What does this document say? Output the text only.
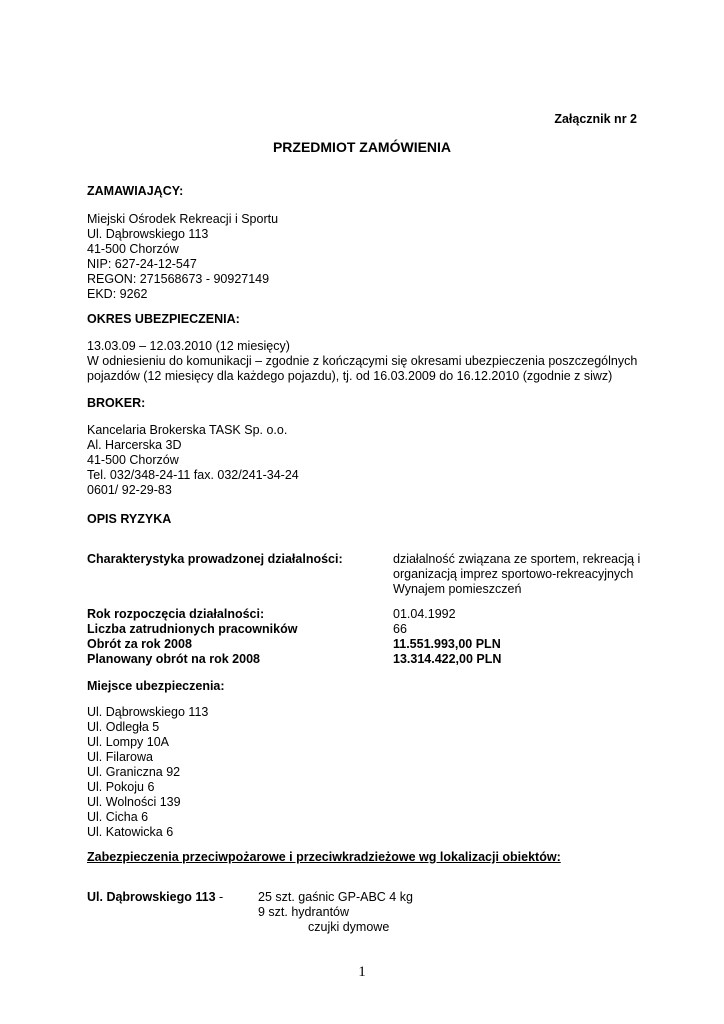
Załącznik nr 2
PRZEDMIOT ZAMÓWIENIA
ZAMAWIAJĄCY:
Miejski Ośrodek Rekreacji i Sportu
Ul. Dąbrowskiego 113
41-500 Chorzów
NIP: 627-24-12-547
REGON: 271568673 - 90927149
EKD: 9262
OKRES UBEZPIECZENIA:
13.03.09 – 12.03.2010 (12 miesięcy)
W odniesieniu do komunikacji – zgodnie z kończącymi się okresami ubezpieczenia poszczególnych
pojazdów (12 miesięcy dla każdego pojazdu), tj. od 16.03.2009 do 16.12.2010 (zgodnie z siwz)
BROKER:
Kancelaria Brokerska TASK Sp. o.o.
Al. Harcerska 3D
41-500 Chorzów
Tel. 032/348-24-11 fax. 032/241-34-24
0601/ 92-29-83
OPIS RYZYKA
Charakterystyka prowadzonej działalności:	działalność związana ze sportem, rekreacją i
organizacją imprez sportowo-rekreacyjnych
Wynajem pomieszczeń
Rok rozpoczęcia działalności:
Liczba zatrudnionych pracowników
Obrót za rok 2008
Planowany obrót na rok 2008
01.04.1992
66
11.551.993,00 PLN
13.314.422,00 PLN
Miejsce ubezpieczenia:
Ul. Dąbrowskiego 113
Ul. Odległa 5
Ul. Lompy 10A
Ul. Filarowa
Ul. Graniczna 92
Ul. Pokoju 6
Ul. Wolności 139
Ul. Cicha 6
Ul. Katowicka 6
Zabezpieczenia przeciwpożarowe i przeciwkradzieżowe wg lokalizacji obiektów:
Ul. Dąbrowskiego 113 -	25 szt. gaśnic GP-ABC 4 kg
9 szt. hydrantów
czujki dymowe
1
